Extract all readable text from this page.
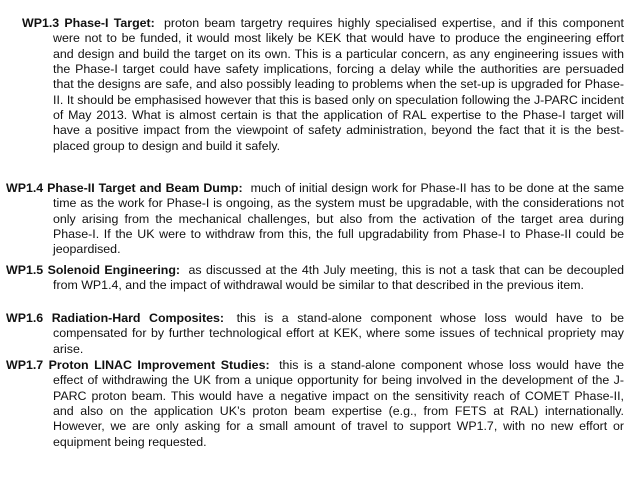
WP1.3 Phase-I Target: proton beam targetry requires highly specialised expertise, and if this component were not to be funded, it would most likely be KEK that would have to produce the engineering effort and design and build the target on its own. This is a particular concern, as any engineering issues with the Phase-I target could have safety implications, forcing a delay while the authorities are persuaded that the designs are safe, and also possibly leading to problems when the set-up is upgraded for Phase-II. It should be emphasised however that this is based only on speculation following the J-PARC incident of May 2013. What is almost certain is that the application of RAL expertise to the Phase-I target will have a positive impact from the viewpoint of safety administration, beyond the fact that it is the best-placed group to design and build it safely.

WP1.4 Phase-II Target and Beam Dump: much of initial design work for Phase-II has to be done at the same time as the work for Phase-I is ongoing, as the system must be upgradable, with the considerations not only arising from the mechanical challenges, but also from the activation of the target area during Phase-I. If the UK were to withdraw from this, the full upgradability from Phase-I to Phase-II could be jeopardised.

WP1.5 Solenoid Engineering: as discussed at the 4th July meeting, this is not a task that can be decoupled from WP1.4, and the impact of withdrawal would be similar to that described in the previous item.

WP1.6 Radiation-Hard Composites: this is a stand-alone component whose loss would have to be compensated for by further technological effort at KEK, where some issues of technical propriety may arise.

WP1.7 Proton LINAC Improvement Studies: this is a stand-alone component whose loss would have the effect of withdrawing the UK from a unique opportunity for being involved in the development of the J-PARC proton beam. This would have a negative impact on the sensitivity reach of COMET Phase-II, and also on the application UK’s proton beam expertise (e.g., from FETS at RAL) internationally. However, we are only asking for a small amount of travel to support WP1.7, with no new effort or equipment being requested.
